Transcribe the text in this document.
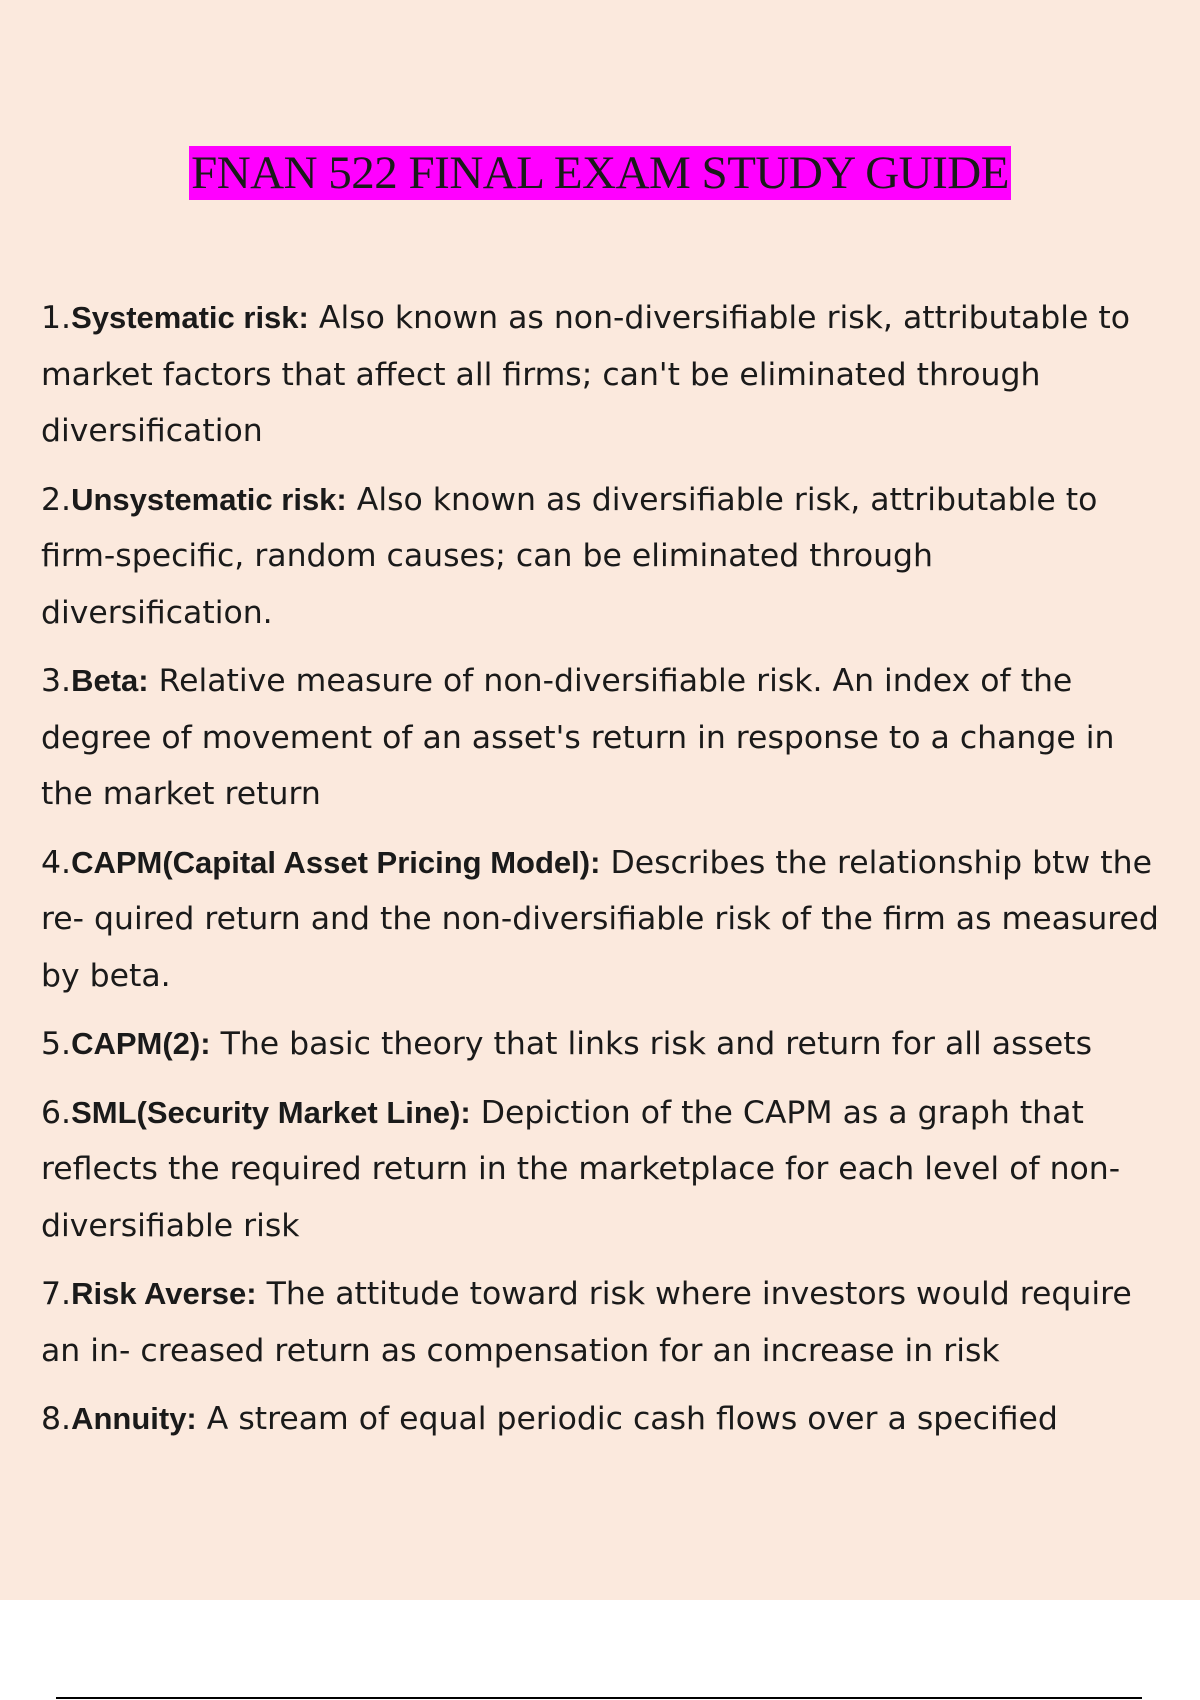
FNAN 522 FINAL EXAM STUDY GUIDE
1.Systematic risk: Also known as non-diversifiable risk, attributable to market factors that affect all firms; can't be eliminated through diversification
2.Unsystematic risk: Also known as diversifiable risk, attributable to firm-specific, random causes; can be eliminated through diversification.
3.Beta: Relative measure of non-diversifiable risk. An index of the degree of movement of an asset's return in response to a change in the market return
4.CAPM(Capital Asset Pricing Model): Describes the relationship btw the re- quired return and the non-diversifiable risk of the firm as measured by beta.
5.CAPM(2): The basic theory that links risk and return for all assets
6.SML(Security Market Line): Depiction of the CAPM as a graph that reflects the required return in the marketplace for each level of non-diversifiable risk
7.Risk Averse: The attitude toward risk where investors would require an in- creased return as compensation for an increase in risk
8.Annuity: A stream of equal periodic cash flows over a specified
